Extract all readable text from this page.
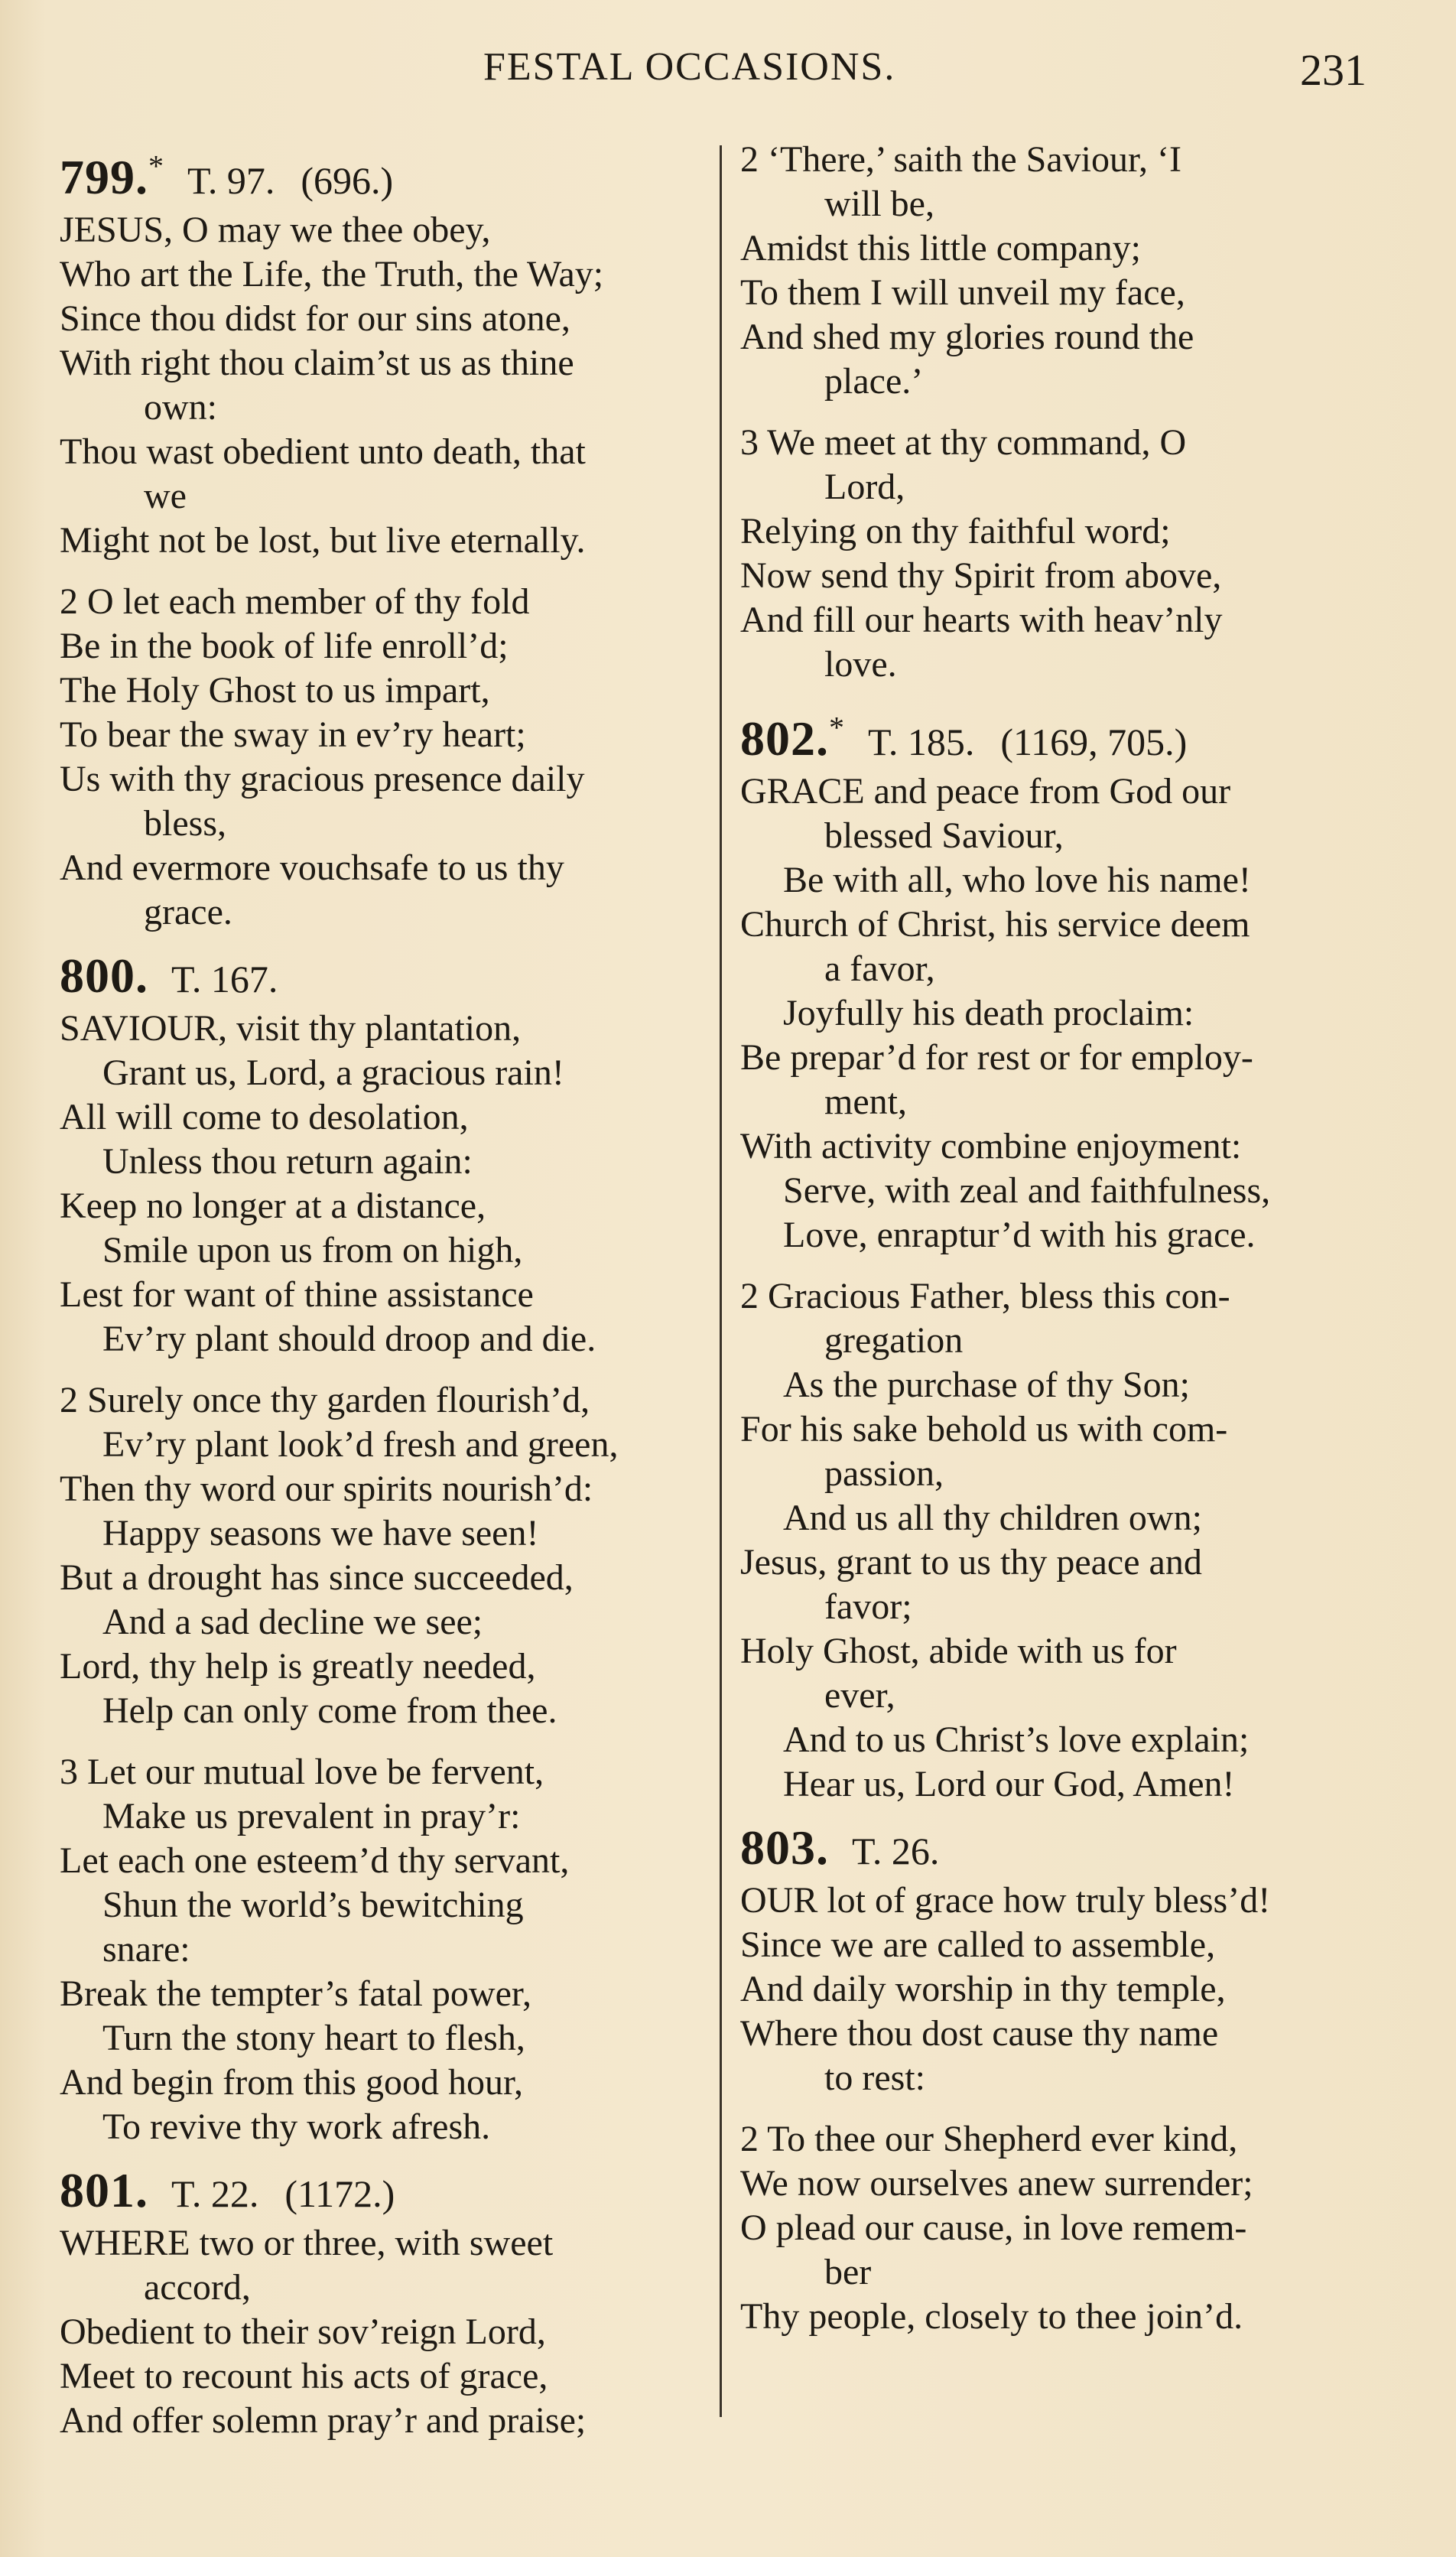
FESTAL OCCASIONS.	231
799.* T. 97. (696.)
JESUS, O may we thee obey,
Who art the Life, the Truth, the Way;
Since thou didst for our sins atone,
With right thou claim’st us as thine
own:
Thou wast obedient unto death, that
we
Might not be lost, but live eternally.
2 O let each member of thy fold
Be in the book of life enroll’d;
The Holy Ghost to us impart,
To bear the sway in ev’ry heart;
Us with thy gracious presence daily
bless,
And evermore vouchsafe to us thy
grace.
800. T. 167.
SAVIOUR, visit thy plantation,
Grant us, Lord, a gracious rain!
All will come to desolation,
Unless thou return again:
Keep no longer at a distance,
Smile upon us from on high,
Lest for want of thine assistance
Ev’ry plant should droop and die.
2 Surely once thy garden flourish’d,
Ev’ry plant look’d fresh and green,
Then thy word our spirits nourish’d:
Happy seasons we have seen!
But a drought has since succeeded,
And a sad decline we see;
Lord, thy help is greatly needed,
Help can only come from thee.
3 Let our mutual love be fervent,
Make us prevalent in pray’r:
Let each one esteem’d thy servant,
Shun the world’s bewitching
snare:
Break the tempter’s fatal power,
Turn the stony heart to flesh,
And begin from this good hour,
To revive thy work afresh.
801. T. 22. (1172.)
WHERE two or three, with sweet
accord,
Obedient to their sov’reign Lord,
Meet to recount his acts of grace,
And offer solemn pray’r and praise;
2 ‘There,’ saith the Saviour, ‘I
will be,
Amidst this little company;
To them I will unveil my face,
And shed my glories round the
place.’
3 We meet at thy command, O
Lord,
Relying on thy faithful word;
Now send thy Spirit from above,
And fill our hearts with heav’nly
love.
802.* T. 185. (1169, 705.)
GRACE and peace from God our
blessed Saviour,
Be with all, who love his name!
Church of Christ, his service deem
a favor,
Joyfully his death proclaim:
Be prepar’d for rest or for employ-
ment,
With activity combine enjoyment:
Serve, with zeal and faithfulness,
Love, enraptur’d with his grace.
2 Gracious Father, bless this con-
gregation
As the purchase of thy Son;
For his sake behold us with com-
passion,
And us all thy children own;
Jesus, grant to us thy peace and
favor;
Holy Ghost, abide with us for
ever,
And to us Christ’s love explain;
Hear us, Lord our God, Amen!
803. T. 26.
OUR lot of grace how truly bless’d!
Since we are called to assemble,
And daily worship in thy temple,
Where thou dost cause thy name
to rest:
2 To thee our Shepherd ever kind,
We now ourselves anew surrender;
O plead our cause, in love remem-
ber
Thy people, closely to thee join’d.
